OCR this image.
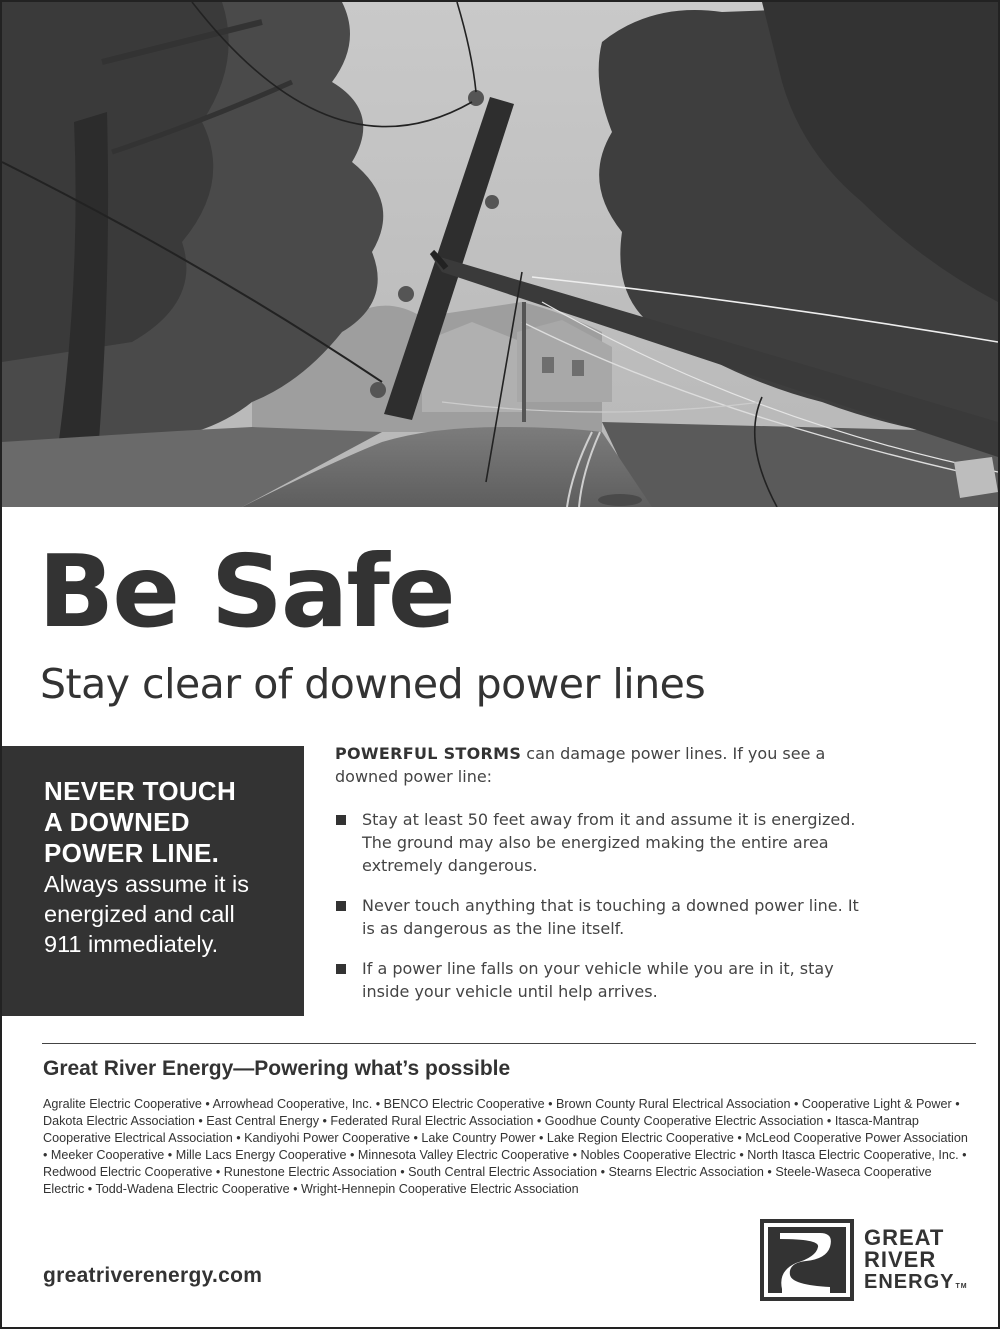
Be Safe
Stay clear of downed power lines

NEVER TOUCH
A DOWNED
POWER LINE.

Always assume it is
energized and call
911 immediately.

POWERFUL STORMS can damage power lines. If you see a downed power line:

Stay at least 50 feet away from it and assume it is energized. The ground may also be energized making the entire area extremely dangerous.
Never touch anything that is touching a downed power line. It is as dangerous as the line itself.
If a power line falls on your vehicle while you are in it, stay inside your vehicle until help arrives.

Great River Energy—Powering what’s possible

Agralite Electric Cooperative • Arrowhead Cooperative, Inc. • BENCO Electric Cooperative • Brown County Rural Electrical Association • Cooperative Light & Power • Dakota Electric Association • East Central Energy • Federated Rural Electric Association • Goodhue County Cooperative Electric Association • Itasca-Mantrap Cooperative Electrical Association • Kandiyohi Power Cooperative • Lake Country Power • Lake Region Electric Cooperative • McLeod Cooperative Power Association • Meeker Cooperative • Mille Lacs Energy Cooperative • Minnesota Valley Electric Cooperative • Nobles Cooperative Electric • North Itasca Electric Cooperative, Inc. • Redwood Electric Cooperative • Runestone Electric Association • South Central Electric Association • Stearns Electric Association • Steele-Waseca Cooperative Electric • Todd-Wadena Electric Cooperative • Wright-Hennepin Cooperative Electric Association

greatriverenergy.com

GREAT
RIVER
ENERGYTM
